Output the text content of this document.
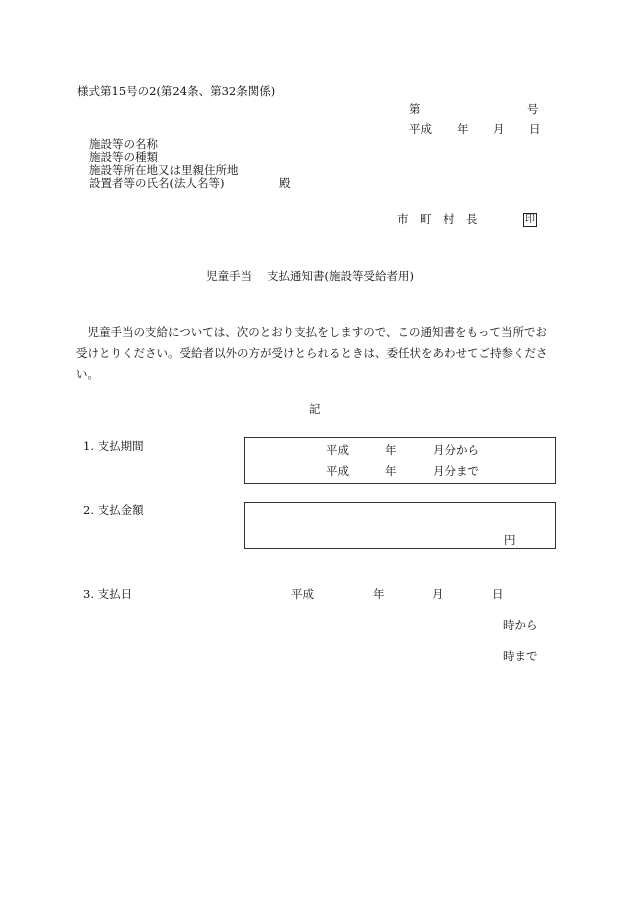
様式第15号の2(第24条、第32条関係)
第	号
平成 年 月 日
施設等の名称
施設等の種類
施設等所在地又は里親住所地
設置者等の氏名(法人名等)	殿
市　町　村　長	印
児童手当 支払通知書(施設等受給者用)
児童手当の支給については、次のとおり支払をしますので、この通知書をもって当所でお受けとりください。受給者以外の方が受けとられるときは、委任状をあわせてご持参ください。
記
1. 支払期間	平成	年	月分から
平成	年	月分まで
2. 支払金額
円
3. 支払日	平成	年	月	日
時から
時まで
